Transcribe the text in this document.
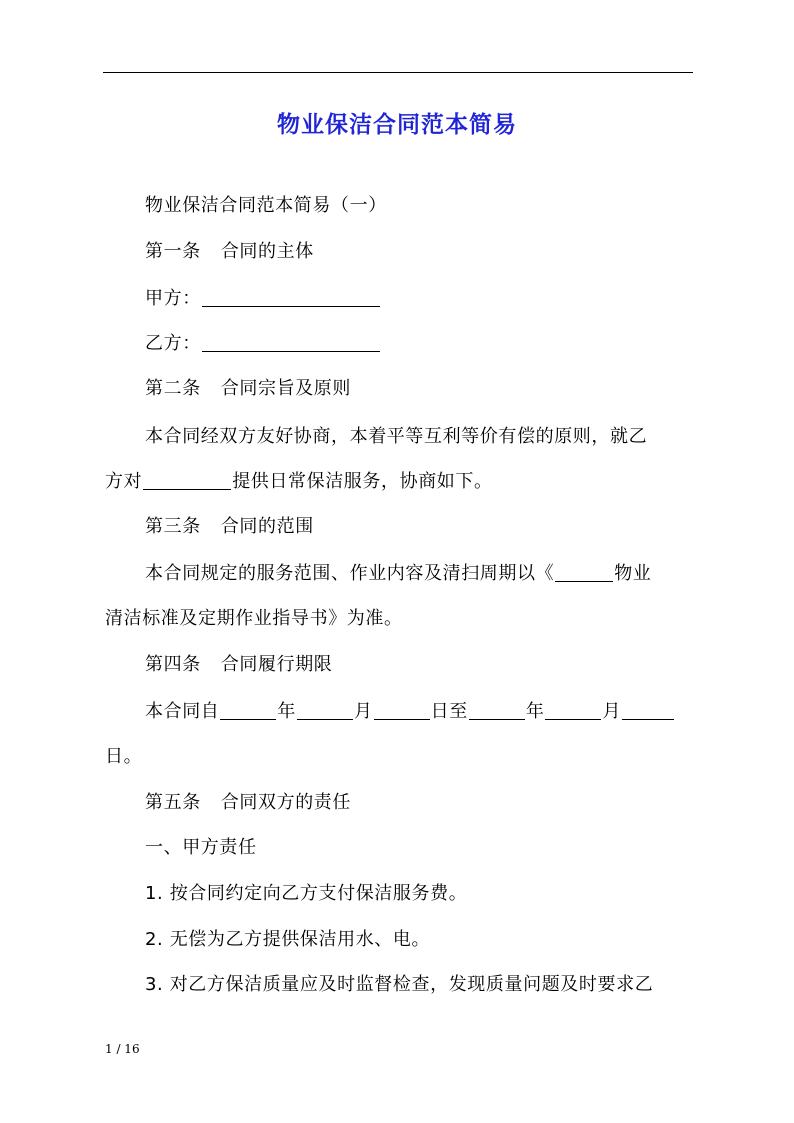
物业保洁合同范本简易
物业保洁合同范本简易（一）
第一条 合同的主体
甲方：
乙方：
第二条 合同宗旨及原则
本合同经双方友好协商，本着平等互利等价有偿的原则，就乙
方对	提供日常保洁服务，协商如下。
第三条 合同的范围
本合同规定的服务范围、作业内容及清扫周期以《	物业
清洁标准及定期作业指导书》为准。
第四条 合同履行期限
本合同自	年	月	日至	年	月
日。
第五条 合同双方的责任
一、甲方责任
1. 按合同约定向乙方支付保洁服务费。
2. 无偿为乙方提供保洁用水、电。
3. 对乙方保洁质量应及时监督检查，发现质量问题及时要求乙
1 / 16
